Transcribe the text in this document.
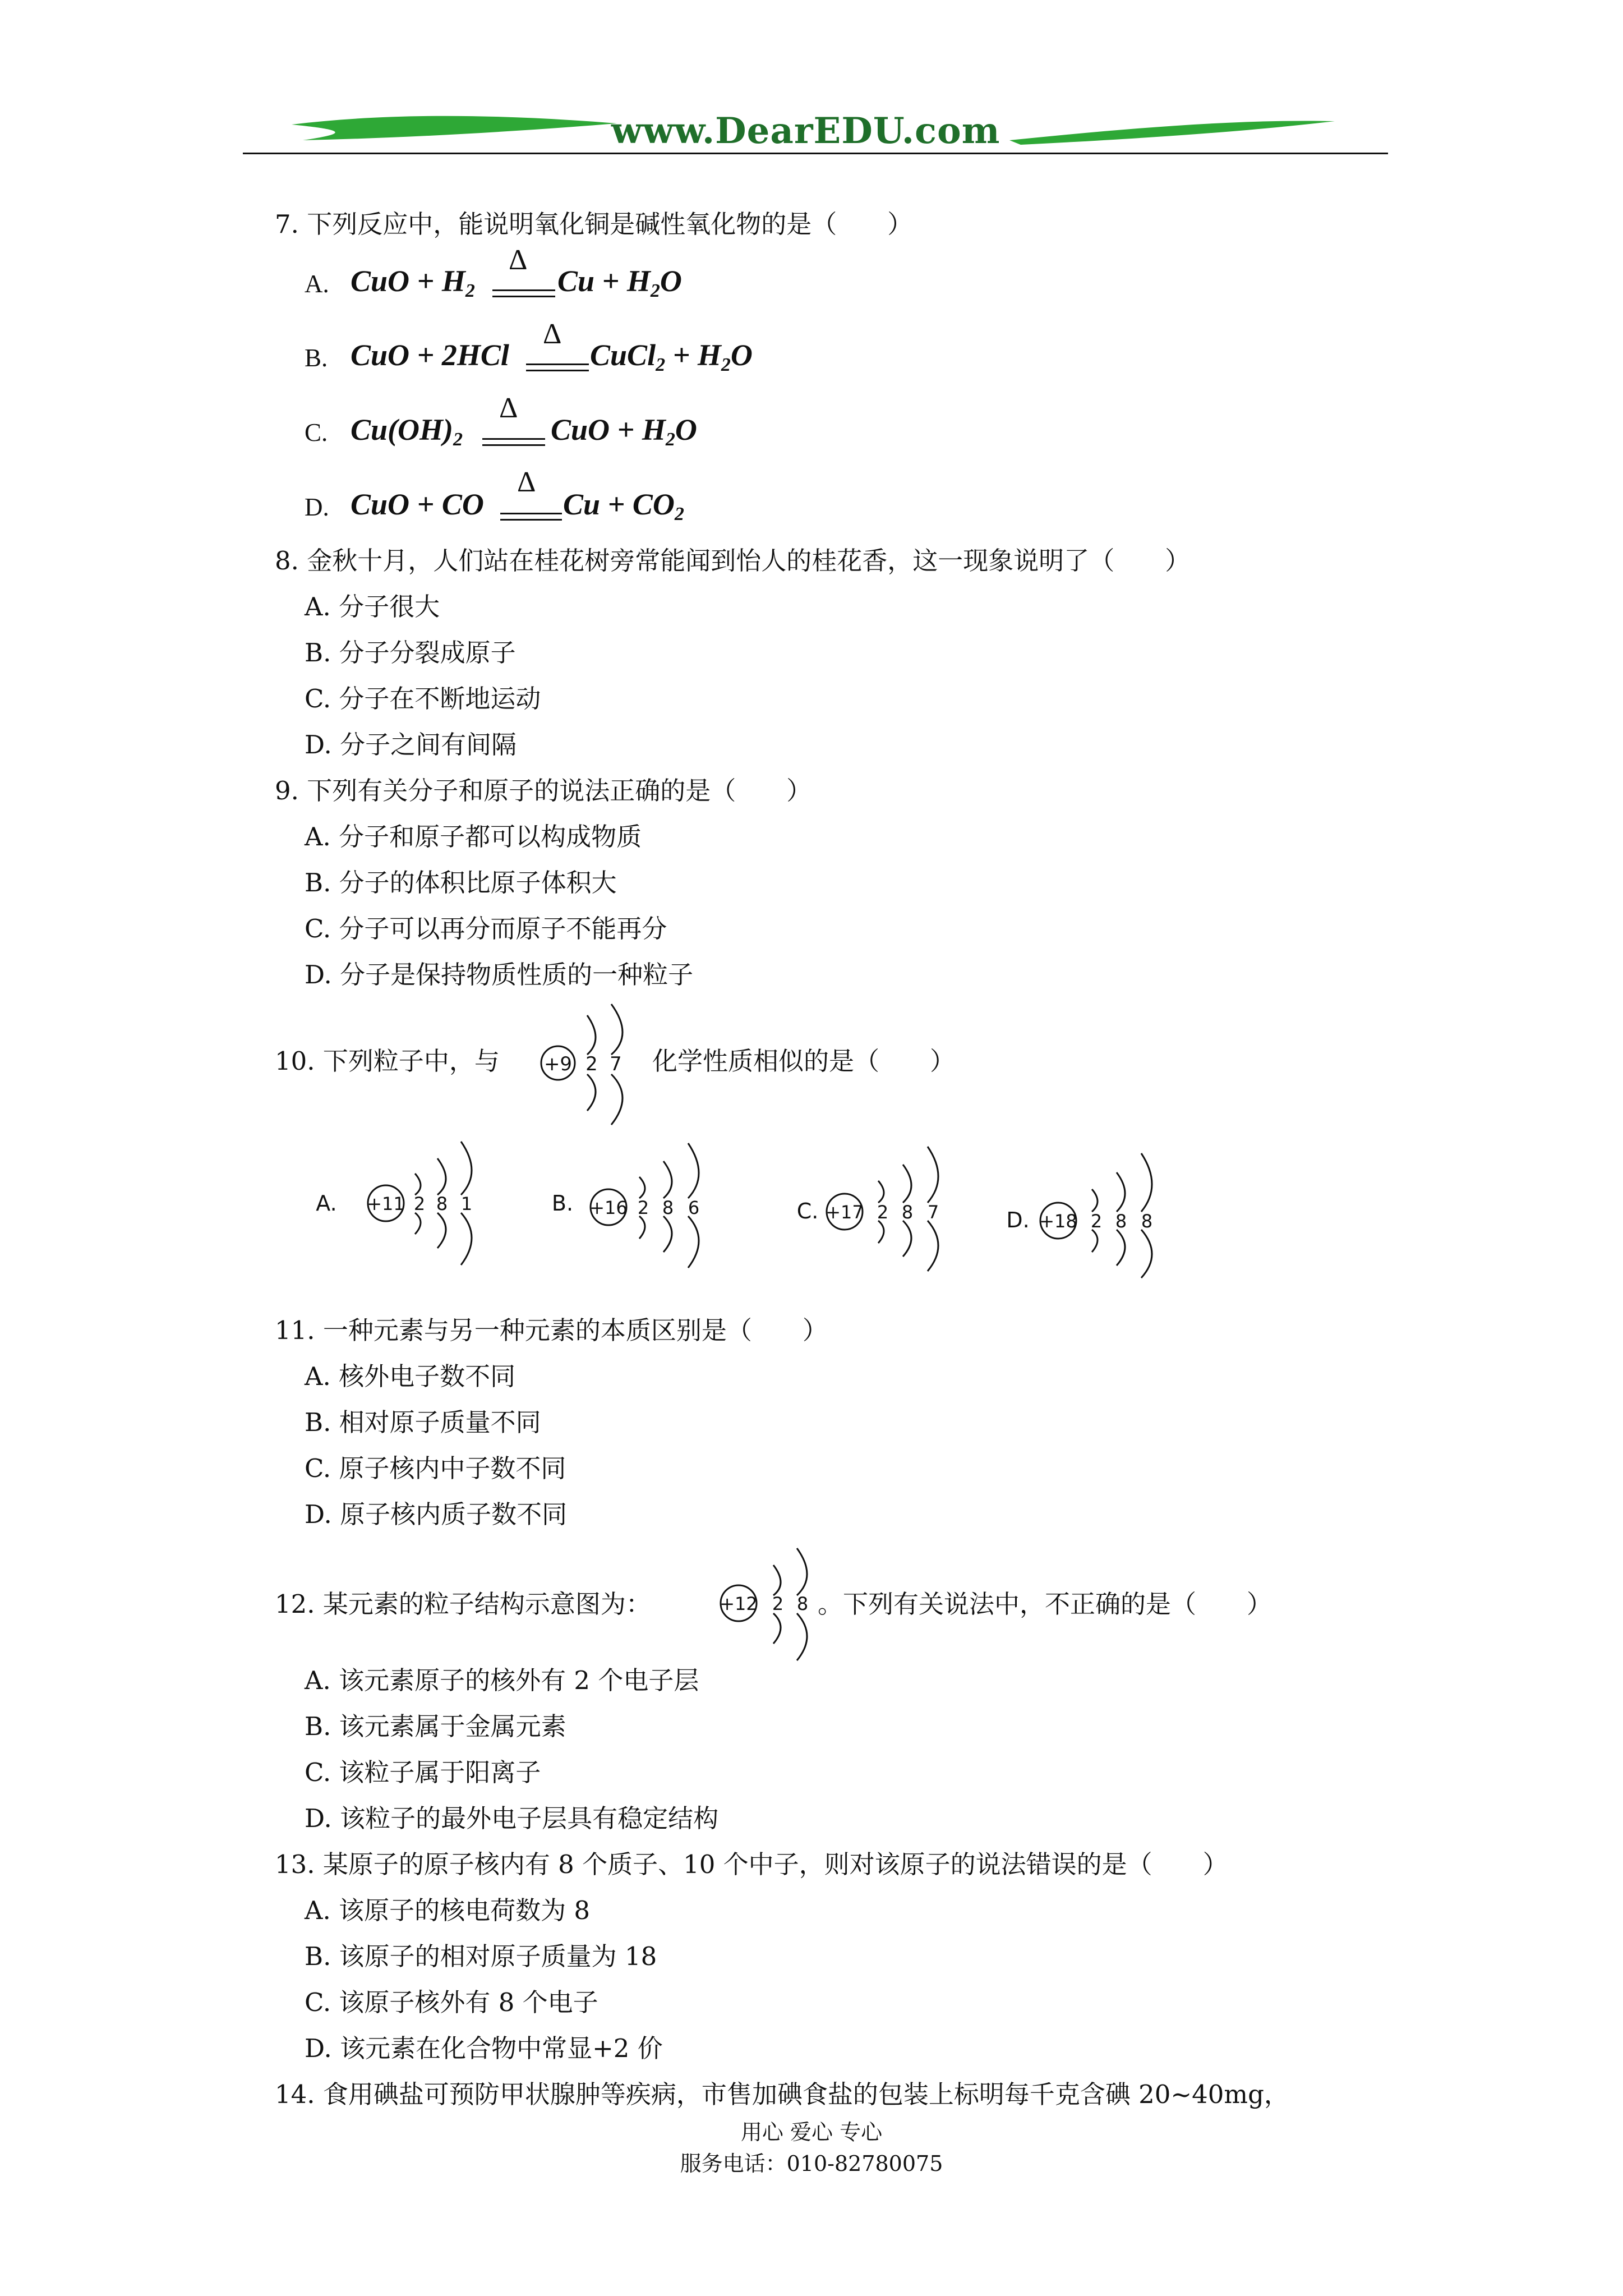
www.DearEDU.com
7. 下列反应中，能说明氧化铜是碱性氧化物的是（　　）
A. CuO + $H_2$
Δ
$Cu + H_2O$
B. CuO + 2HCl
Δ
CuCl$_2$ + $H_2O$
C. $Cu(OH)_2$
Δ
CuO + $H_2O$
D. CuO + CO
Δ
$Cu + CO_2$
8. 金秋十月，人们站在桂花树旁常能闻到怡人的桂花香，这一现象说明了（　　）
A. 分子很大
B. 分子分裂成原子
C. 分子在不断地运动
D. 分子之间有间隔
9. 下列有关分子和原子的说法正确的是（　　）
A. 分子和原子都可以构成物质
B. 分子的体积比原子体积大
C. 分子可以再分而原子不能再分
D. 分子是保持物质性质的一种粒子
10. 下列粒子中，与 +9 2 7 化学性质相似的是（　　）
A. +11 2 8 1	B. +16 2 8 6	C. +17 2 8 7	D. +18 2 8 8
11. 一种元素与另一种元素的本质区别是（　　）
A. 核外电子数不同
B. 相对原子质量不同
C. 原子核内中子数不同
D. 原子核内质子数不同
12. 某元素的粒子结构示意图为：	+12 2 8 。下列有关说法中，不正确的是（　　）
A. 该元素原子的核外有 2 个电子层
B. 该元素属于金属元素
C. 该粒子属于阳离子
D. 该粒子的最外电子层具有稳定结构
13. 某原子的原子核内有 8 个质子、10 个中子，则对该原子的说法错误的是（　　）
A. 该原子的核电荷数为 8
B. 该原子的相对原子质量为 18
C. 该原子核外有 8 个电子
D. 该元素在化合物中常显+2 价
14. 食用碘盐可预防甲状腺肿等疾病，市售加碘食盐的包装上标明每千克含碘 20~40mg，
用心 爱心 专心
服务电话：010-82780075
